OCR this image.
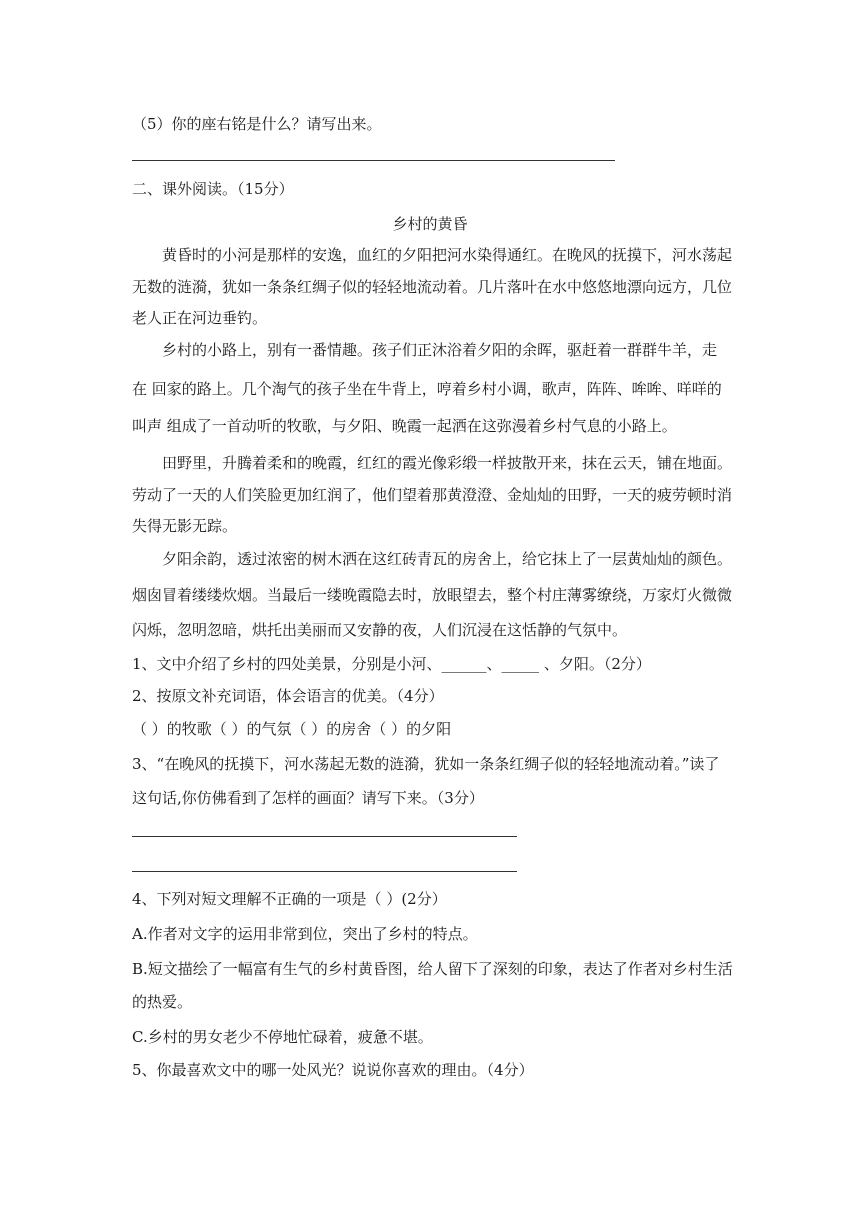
（5）你的座右铭是什么？请写出来。

二、课外阅读。（15分）

乡村的黄昏

黄昏时的小河是那样的安逸，血红的夕阳把河水染得通红。在晚风的抚摸下，河水荡起

无数的涟漪，犹如一条条红绸子似的轻轻地流动着。几片落叶在水中悠悠地漂向远方，几位

老人正在河边垂钓。

乡村的小路上，别有一番情趣。孩子们正沐浴着夕阳的余晖，驱赶着一群群牛羊，走

在 回家的路上。几个淘气的孩子坐在牛背上，哼着乡村小调，歌声，阵阵、哞哞、咩咩的

叫声 组成了一首动听的牧歌，与夕阳、晚霞一起洒在这弥漫着乡村气息的小路上。

田野里，升腾着柔和的晚霞，红红的霞光像彩缎一样披散开来，抹在云天，铺在地面。

劳动了一天的人们笑脸更加红润了，他们望着那黄澄澄、金灿灿的田野，一天的疲劳顿时消

失得无影无踪。

夕阳余韵，透过浓密的树木洒在这红砖青瓦的房舍上，给它抹上了一层黄灿灿的颜色。

烟囱冒着缕缕炊烟。当最后一缕晚霞隐去时，放眼望去，整个村庄薄雾缭绕，万家灯火微微

闪烁，忽明忽暗，烘托出美丽而又安静的夜，人们沉浸在这恬静的气氛中。

1、文中介绍了乡村的四处美景，分别是小河、______、_____ 、夕阳。（2分）

2、按原文补充词语，体会语言的优美。（4分）

（ ）的牧歌（ ）的气氛（ ）的房舍（ ）的夕阳

3、“在晚风的抚摸下，河水荡起无数的涟漪，犹如一条条红绸子似的轻轻地流动着。”读了

这句话,你仿佛看到了怎样的画面？请写下来。（3分）

4、下列对短文理解不正确的一项是（ ）(2分）

A.作者对文字的运用非常到位，突出了乡村的特点。

B.短文描绘了一幅富有生气的乡村黄昏图，给人留下了深刻的印象，表达了作者对乡村生活

的热爱。

C.乡村的男女老少不停地忙碌着，疲惫不堪。

5、你最喜欢文中的哪一处风光？说说你喜欢的理由。（4分）
